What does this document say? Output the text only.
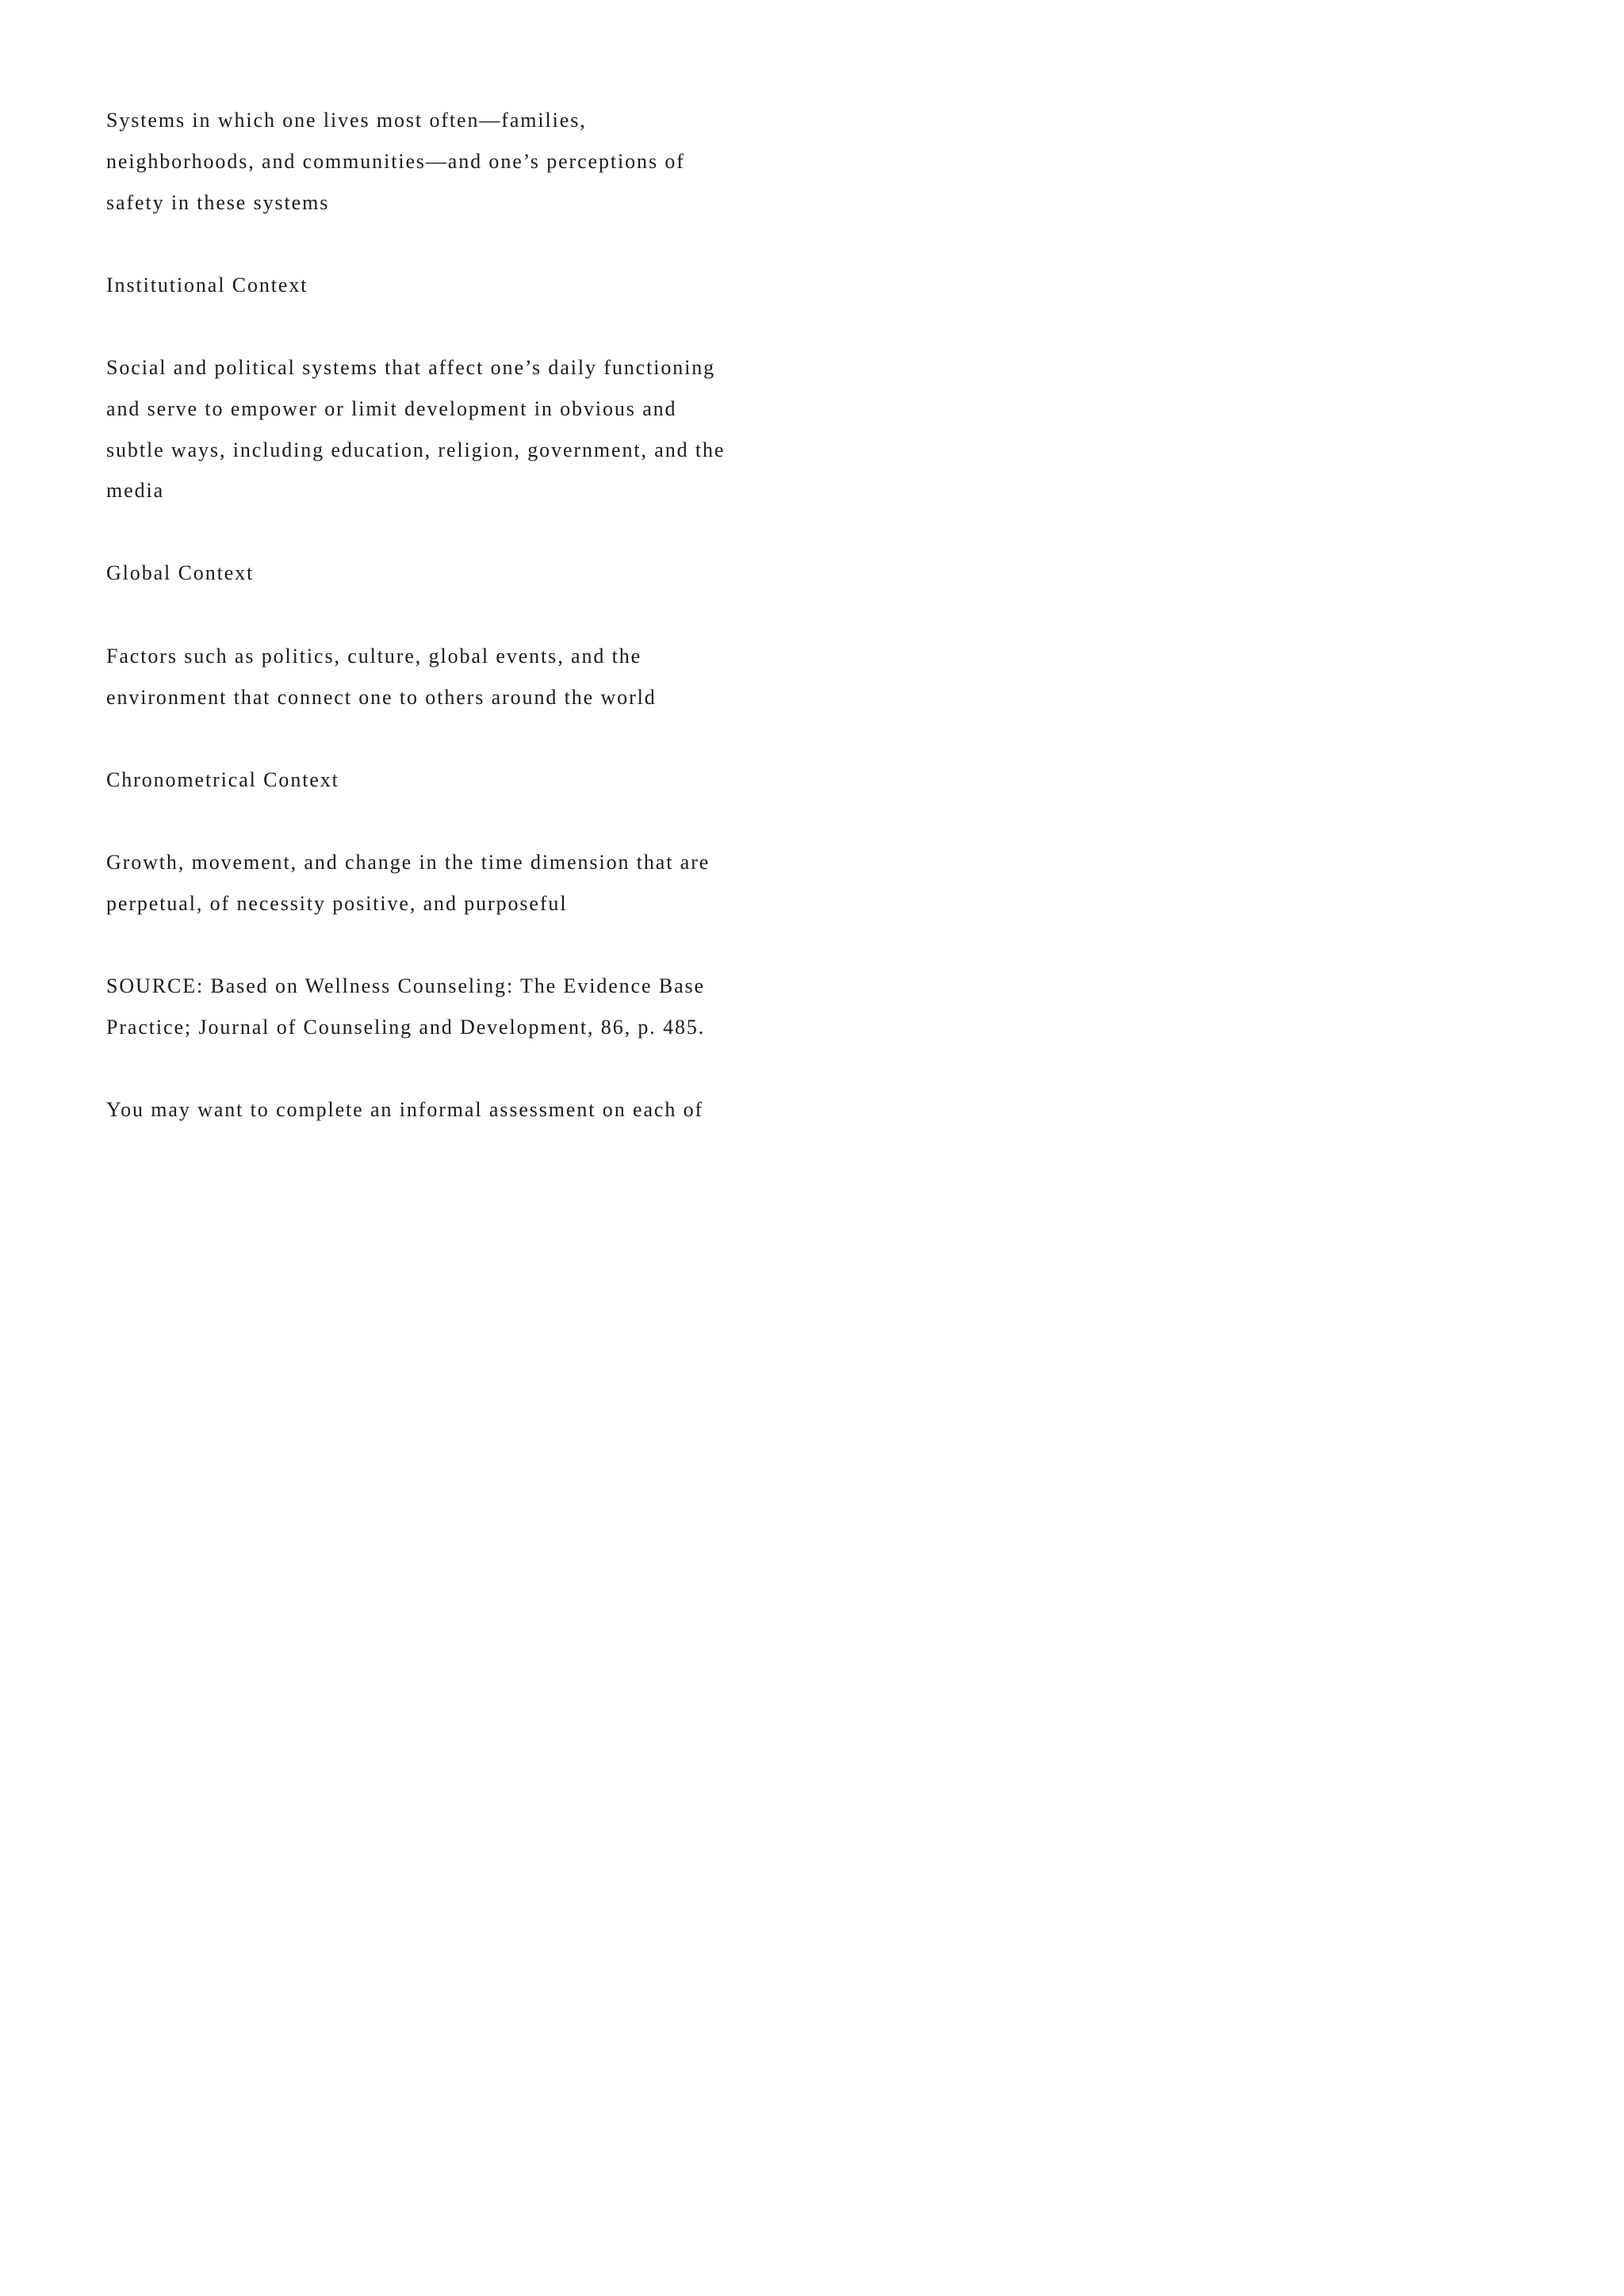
Systems in which one lives most often—families,

neighborhoods, and communities—and one’s perceptions of

safety in these systems

Institutional Context

Social and political systems that affect one’s daily functioning

and serve to empower or limit development in obvious and

subtle ways, including education, religion, government, and the

media

Global Context

Factors such as politics, culture, global events, and the

environment that connect one to others around the world

Chronometrical Context

Growth, movement, and change in the time dimension that are

perpetual, of necessity positive, and purposeful

SOURCE: Based on Wellness Counseling: The Evidence Base

Practice; Journal of Counseling and Development, 86, p. 485.

You may want to complete an informal assessment on each of
